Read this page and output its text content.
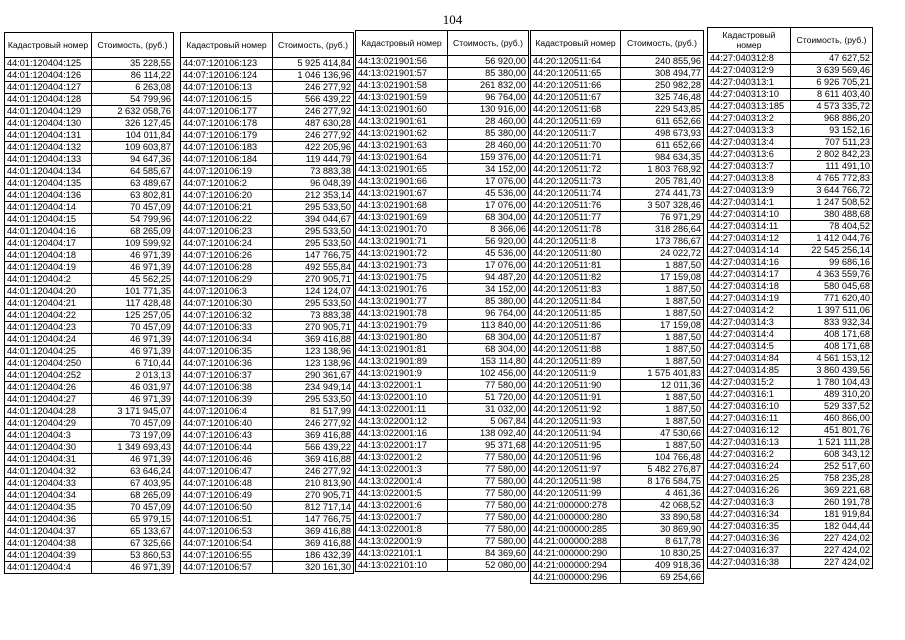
104
Кадастровый номер	Стоимость, (руб.)
44:01:120404:125	35 228,55
44:01:120404:126	86 114,22
44:01:120404:127	6 263,08
44:01:120404:128	54 799,96
44:01:120404:129	2 632 058,76
44:01:120404:130	326 127,45
44:01:120404:131	104 011,84
44:01:120404:132	109 603,87
44:01:120404:133	94 647,36
44:01:120404:134	64 585,67
44:01:120404:135	63 489,67
44:01:120404:136	63 802,81
44:01:120404:14	70 457,09
44:01:120404:15	54 799,96
44:01:120404:16	68 265,09
44:01:120404:17	109 599,92
44:01:120404:18	46 971,39
44:01:120404:19	46 971,39
44:01:120404:2	45 562,25
44:01:120404:20	101 771,35
44:01:120404:21	117 428,48
44:01:120404:22	125 257,05
44:01:120404:23	70 457,09
44:01:120404:24	46 971,39
44:01:120404:25	46 971,39
44:01:120404:250	6 710,44
44:01:120404:252	2 013,13
44:01:120404:26	46 031,97
44:01:120404:27	46 971,39
44:01:120404:28	3 171 945,07
44:01:120404:29	70 457,09
44:01:120404:3	73 197,09
44:01:120404:30	1 349 693,43
44:01:120404:31	46 971,39
44:01:120404:32	63 646,24
44:01:120404:33	67 403,95
44:01:120404:34	68 265,09
44:01:120404:35	70 457,09
44:01:120404:36	65 979,15
44:01:120404:37	65 133,67
44:01:120404:38	67 325,66
44:01:120404:39	53 860,53
44:01:120404:4	46 971,39
Кадастровый номер	Стоимость, (руб.)
44:07:120106:123	5 925 414,84
44:07:120106:124	1 046 136,96
44:07:120106:13	246 277,92
44:07:120106:15	566 439,22
44:07:120106:177	246 277,92
44:07:120106:178	487 630,28
44:07:120106:179	246 277,92
44:07:120106:183	422 205,96
44:07:120106:184	119 444,79
44:07:120106:19	73 883,38
44:07:120106:2	96 048,39
44:07:120106:20	212 353,14
44:07:120106:21	295 533,50
44:07:120106:22	394 044,67
44:07:120106:23	295 533,50
44:07:120106:24	295 533,50
44:07:120106:26	147 766,75
44:07:120106:28	492 555,84
44:07:120106:29	270 905,71
44:07:120106:3	124 124,07
44:07:120106:30	295 533,50
44:07:120106:32	73 883,38
44:07:120106:33	270 905,71
44:07:120106:34	369 416,88
44:07:120106:35	123 138,96
44:07:120106:36	123 138,96
44:07:120106:37	290 361,67
44:07:120106:38	234 949,14
44:07:120106:39	295 533,50
44:07:120106:4	81 517,99
44:07:120106:40	246 277,92
44:07:120106:43	369 416,88
44:07:120106:44	566 439,22
44:07:120106:46	369 416,88
44:07:120106:47	246 277,92
44:07:120106:48	210 813,90
44:07:120106:49	270 905,71
44:07:120106:50	812 717,14
44:07:120106:51	147 766,75
44:07:120106:53	369 416,88
44:07:120106:54	369 416,88
44:07:120106:55	186 432,39
44:07:120106:57	320 161,30
Кадастровый номер	Стоимость, (руб.)
44:13:021901:56	56 920,00
44:13:021901:57	85 380,00
44:13:021901:58	261 832,00
44:13:021901:59	96 764,00
44:13:021901:60	130 916,00
44:13:021901:61	28 460,00
44:13:021901:62	85 380,00
44:13:021901:63	28 460,00
44:13:021901:64	159 376,00
44:13:021901:65	34 152,00
44:13:021901:66	17 076,00
44:13:021901:67	45 536,00
44:13:021901:68	17 076,00
44:13:021901:69	68 304,00
44:13:021901:70	8 366,06
44:13:021901:71	56 920,00
44:13:021901:72	45 536,00
44:13:021901:73	17 076,00
44:13:021901:75	94 487,20
44:13:021901:76	34 152,00
44:13:021901:77	85 380,00
44:13:021901:78	96 764,00
44:13:021901:79	113 840,00
44:13:021901:80	68 304,00
44:13:021901:81	68 304,00
44:13:021901:89	153 114,80
44:13:021901:9	102 456,00
44:13:022001:1	77 580,00
44:13:022001:10	51 720,00
44:13:022001:11	31 032,00
44:13:022001:12	5 067,84
44:13:022001:16	138 092,40
44:13:022001:17	95 371,68
44:13:022001:2	77 580,00
44:13:022001:3	77 580,00
44:13:022001:4	77 580,00
44:13:022001:5	77 580,00
44:13:022001:6	77 580,00
44:13:022001:7	77 580,00
44:13:022001:8	77 580,00
44:13:022001:9	77 580,00
44:13:022101:1	84 369,60
44:13:022101:10	52 080,00
Кадастровый номер	Стоимость, (руб.)
44:20:120511:64	240 855,96
44:20:120511:65	308 494,77
44:20:120511:66	250 982,28
44:20:120511:67	325 746,48
44:20:120511:68	229 543,85
44:20:120511:69	611 652,66
44:20:120511:7	498 673,93
44:20:120511:70	611 652,66
44:20:120511:71	984 634,35
44:20:120511:72	1 803 768,92
44:20:120511:73	205 781,40
44:20:120511:74	274 441,73
44:20:120511:76	3 507 328,46
44:20:120511:77	76 971,29
44:20:120511:78	318 286,64
44:20:120511:8	173 786,67
44:20:120511:80	24 022,72
44:20:120511:81	1 887,50
44:20:120511:82	17 159,08
44:20:120511:83	1 887,50
44:20:120511:84	1 887,50
44:20:120511:85	1 887,50
44:20:120511:86	17 159,08
44:20:120511:87	1 887,50
44:20:120511:88	1 887,50
44:20:120511:89	1 887,50
44:20:120511:9	1 575 401,83
44:20:120511:90	12 011,36
44:20:120511:91	1 887,50
44:20:120511:92	1 887,50
44:20:120511:93	1 887,50
44:20:120511:94	47 530,66
44:20:120511:95	1 887,50
44:20:120511:96	104 766,48
44:20:120511:97	5 482 276,87
44:20:120511:98	8 176 584,75
44:20:120511:99	4 461,36
44:21:000000:278	42 068,52
44:21:000000:280	33 890,58
44:21:000000:285	30 869,90
44:21:000000:288	8 617,78
44:21:000000:290	10 830,25
44:21:000000:294	409 918,36
44:21:000000:296	69 254,66
Кадастровый номер	Стоимость, (руб.)
44:27:040312:8	47 627,52
44:27:040312:9	3 639 569,46
44:27:040313:1	6 926 705,21
44:27:040313:10	8 611 403,40
44:27:040313:185	4 573 335,72
44:27:040313:2	968 886,20
44:27:040313:3	93 152,16
44:27:040313:4	707 511,23
44:27:040313:6	2 802 842,23
44:27:040313:7	111 491,10
44:27:040313:8	4 765 772,83
44:27:040313:9	3 644 766,72
44:27:040314:1	1 247 508,52
44:27:040314:10	380 488,68
44:27:040314:11	78 404,52
44:27:040314:12	1 412 044,76
44:27:040314:14	22 545 256,14
44:27:040314:16	99 686,16
44:27:040314:17	4 363 559,76
44:27:040314:18	580 045,68
44:27:040314:19	771 620,40
44:27:040314:2	1 397 511,06
44:27:040314:3	833 932,34
44:27:040314:4	408 171,68
44:27:040314:5	408 171,68
44:27:040314:84	4 561 153,12
44:27:040314:85	3 860 439,56
44:27:040315:2	1 780 104,43
44:27:040316:1	489 310,20
44:27:040316:10	529 337,52
44:27:040316:11	460 866,00
44:27:040316:12	451 801,76
44:27:040316:13	1 521 111,28
44:27:040316:2	608 343,12
44:27:040316:24	252 517,60
44:27:040316:25	758 235,28
44:27:040316:26	369 221,68
44:27:040316:3	260 191,78
44:27:040316:34	181 919,84
44:27:040316:35	182 044,44
44:27:040316:36	227 424,02
44:27:040316:37	227 424,02
44:27:040316:38	227 424,02
